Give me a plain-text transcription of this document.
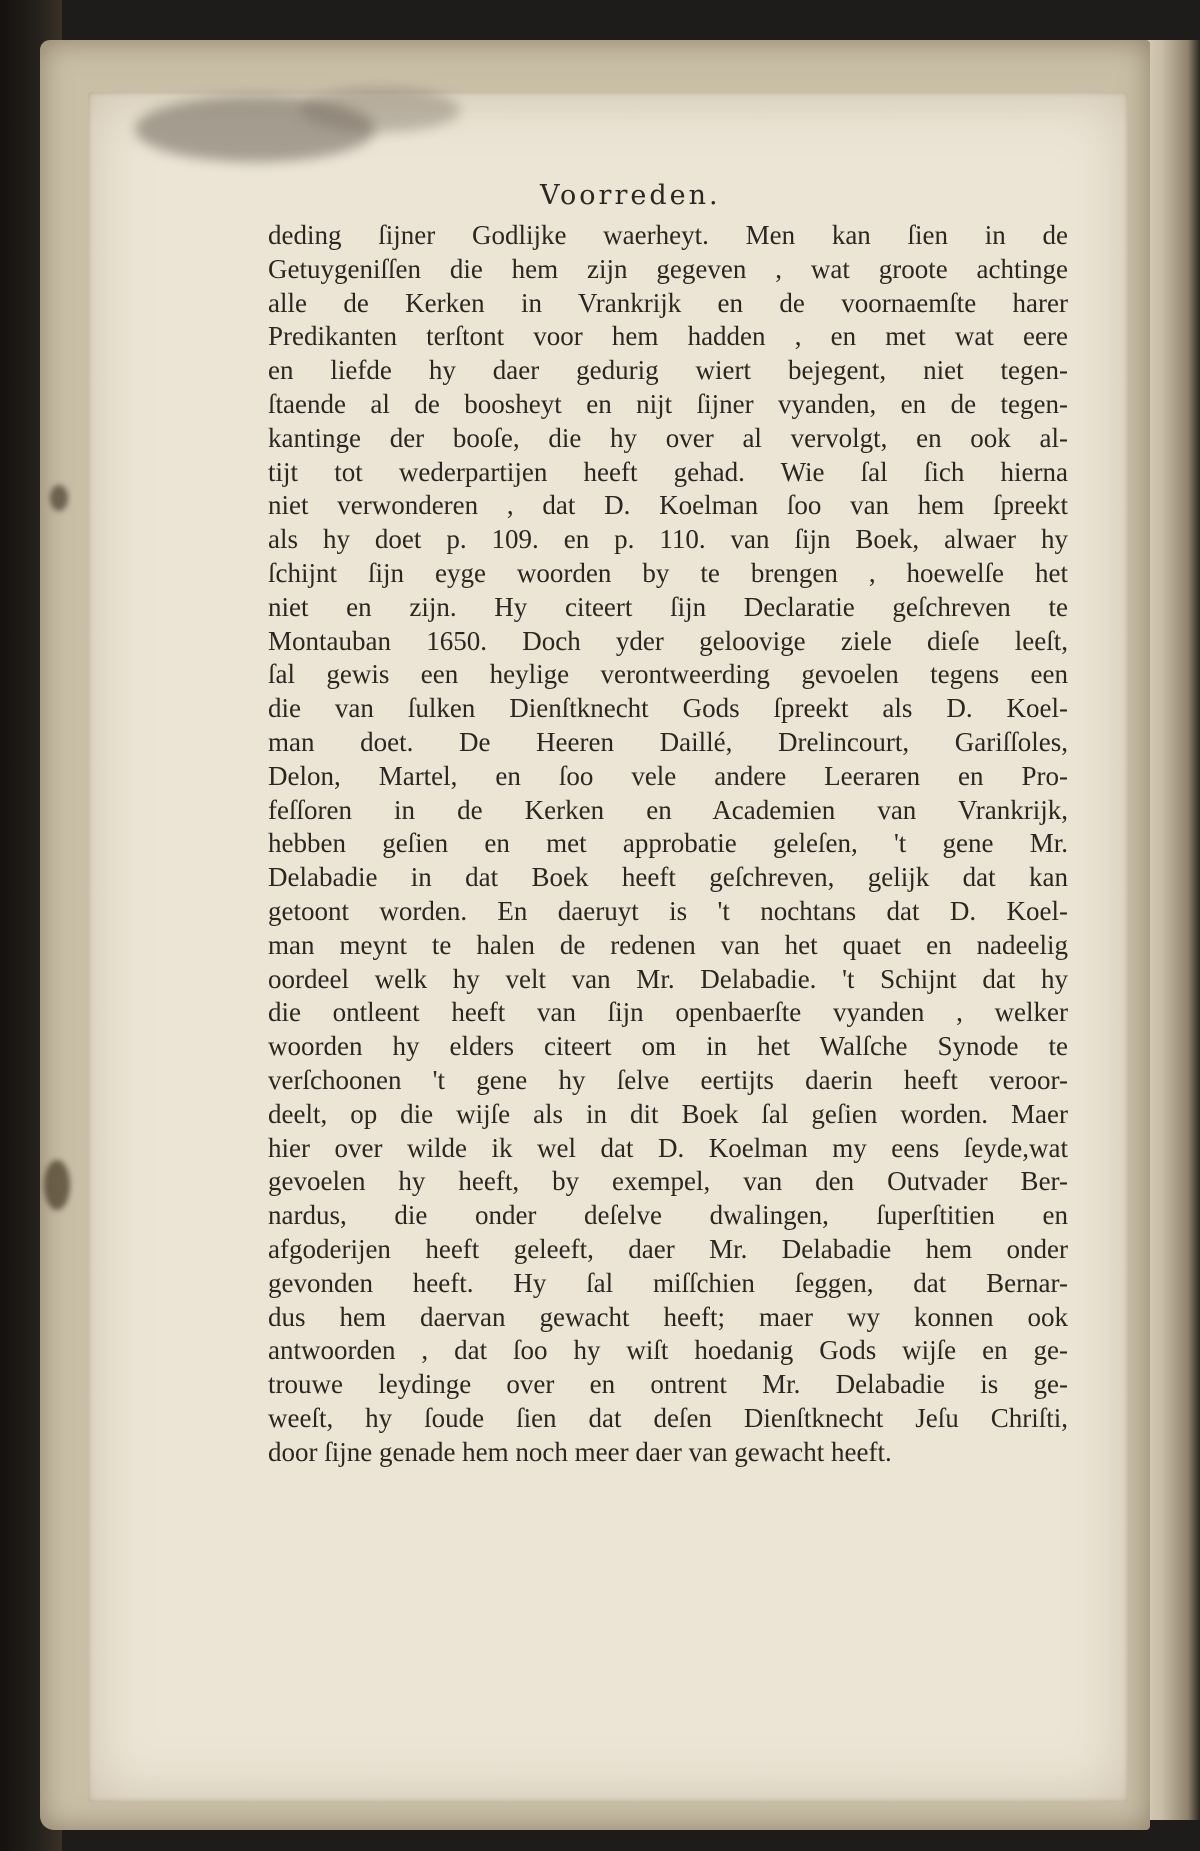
Voorreden.
deding ſijner Godlijke waerheyt. Men kan ſien in de
Getuygeniſſen die hem zijn gegeven , wat groote achtinge
alle de Kerken in Vrankrijk en de voornaemſte harer
Predikanten terſtont voor hem hadden , en met wat eere
en liefde hy daer gedurig wiert bejegent, niet tegen-
ſtaende al de boosheyt en nijt ſijner vyanden, en de tegen-
kantinge der booſe, die hy over al vervolgt, en ook al-
tijt tot wederpartijen heeft gehad. Wie ſal ſich hierna
niet verwonderen , dat D. Koelman ſoo van hem ſpreekt
als hy doet p. 109. en p. 110. van ſijn Boek, alwaer hy
ſchijnt ſijn eyge woorden by te brengen , hoewelſe het
niet en zijn. Hy citeert ſijn Declaratie geſchreven te
Montauban 1650. Doch yder geloovige ziele dieſe leeſt,
ſal gewis een heylige verontweerding gevoelen tegens een
die van ſulken Dienſtknecht Gods ſpreekt als D. Koel-
man doet. De Heeren Daillé, Drelincourt, Gariſſoles,
Delon, Martel, en ſoo vele andere Leeraren en Pro-
feſſoren in de Kerken en Academien van Vrankrijk,
hebben geſien en met approbatie geleſen, 't gene Mr.
Delabadie in dat Boek heeft geſchreven, gelijk dat kan
getoont worden. En daeruyt is 't nochtans dat D. Koel-
man meynt te halen de redenen van het quaet en nadeelig
oordeel welk hy velt van Mr. Delabadie. 't Schijnt dat hy
die ontleent heeft van ſijn openbaerſte vyanden , welker
woorden hy elders citeert om in het Walſche Synode te
verſchoonen 't gene hy ſelve eertijts daerin heeft veroor-
deelt, op die wijſe als in dit Boek ſal geſien worden. Maer
hier over wilde ik wel dat D. Koelman my eens ſeyde,wat
gevoelen hy heeft, by exempel, van den Outvader Ber-
nardus, die onder deſelve dwalingen, ſuperſtitien en
afgoderijen heeft geleeft, daer Mr. Delabadie hem onder
gevonden heeft. Hy ſal miſſchien ſeggen, dat Bernar-
dus hem daervan gewacht heeft; maer wy konnen ook
antwoorden , dat ſoo hy wiſt hoedanig Gods wijſe en ge-
trouwe leydinge over en ontrent Mr. Delabadie is ge-
weeſt, hy ſoude ſien dat deſen Dienſtknecht Jeſu Chriſti,
door ſijne genade hem noch meer daer van gewacht heeft.
